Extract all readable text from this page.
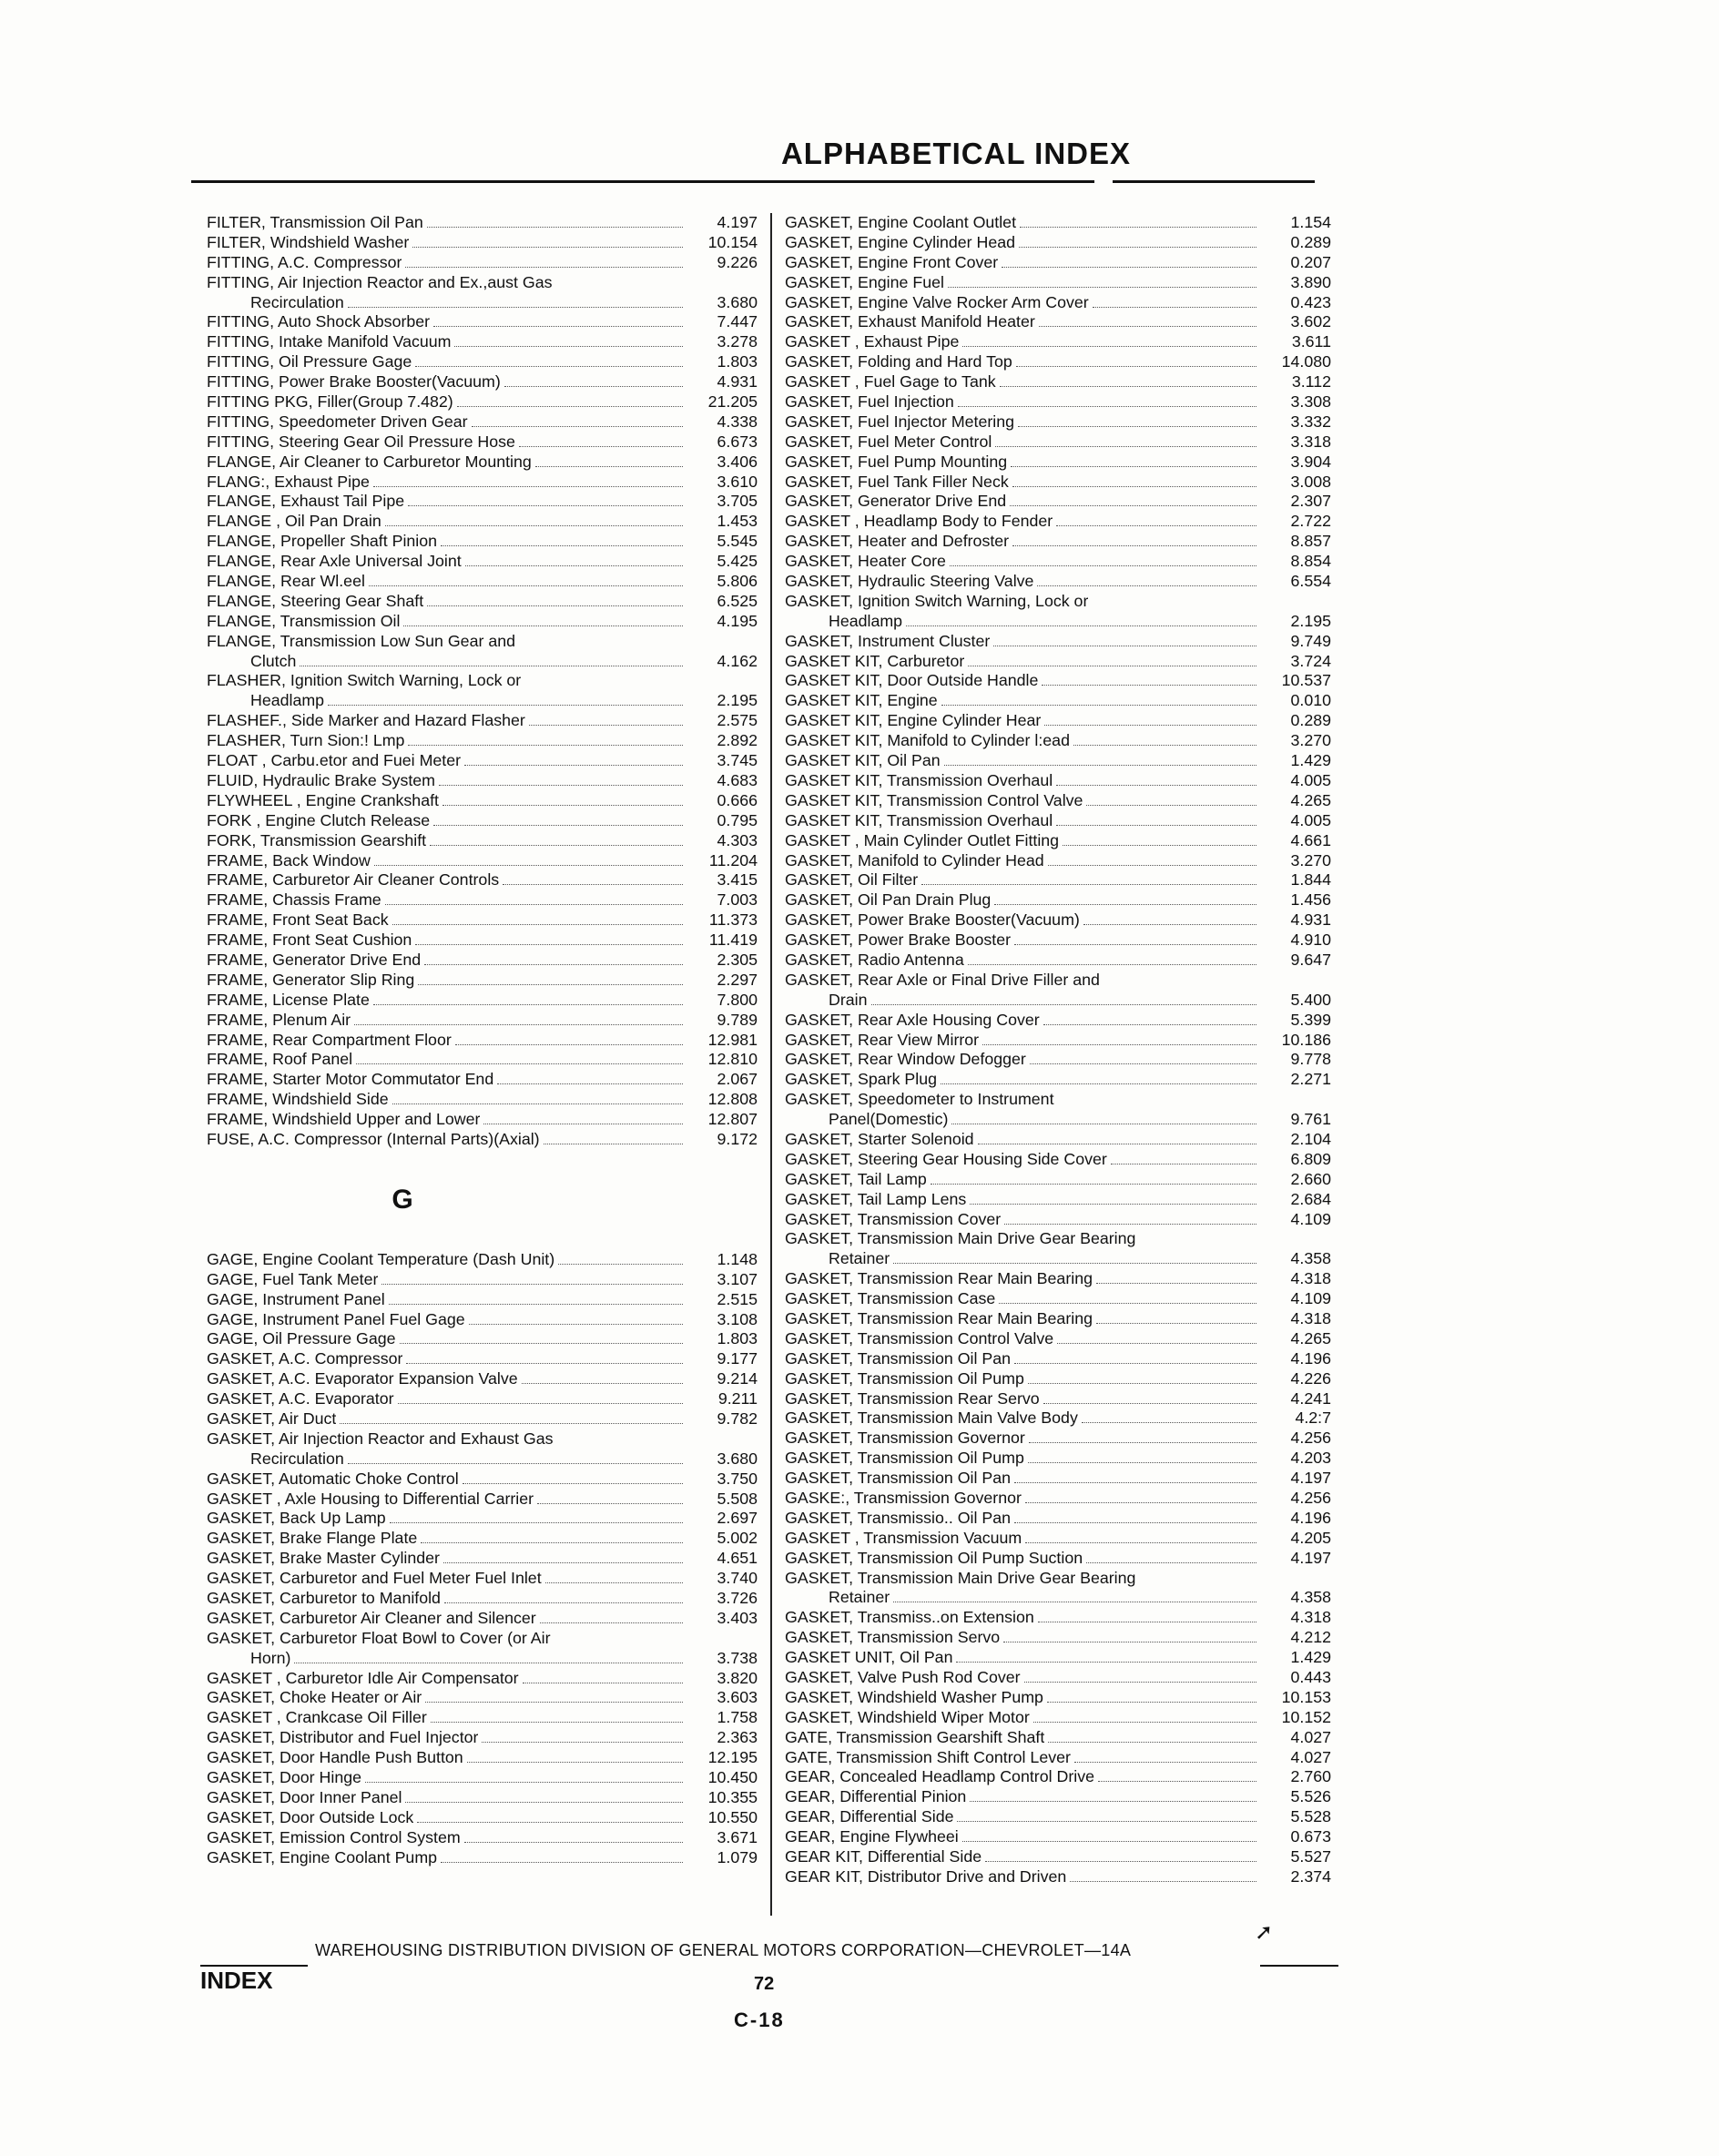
ALPHABETICAL INDEX
FILTER, Transmission Oil Pan	4.197
FILTER, Windshield Washer	10.154
FITTING, A.C. Compressor	9.226
FITTING, Air Injection Reactor and Ex.,aust Gas
Recirculation	3.680
FITTING, Auto Shock Absorber	7.447
FITTING, Intake Manifold Vacuum	3.278
FITTING, Oil Pressure Gage	1.803
FITTING, Power Brake Booster(Vacuum)	4.931
FITTING PKG, Filler(Group 7.482)	21.205
FITTING, Speedometer Driven Gear	4.338
FITTING, Steering Gear Oil Pressure Hose	6.673
FLANGE, Air Cleaner to Carburetor Mounting	3.406
FLANG:, Exhaust Pipe	3.610
FLANGE, Exhaust Tail Pipe	3.705
FLANGE , Oil Pan Drain	1.453
FLANGE, Propeller Shaft Pinion	5.545
FLANGE, Rear Axle Universal Joint	5.425
FLANGE, Rear Wl.eel	5.806
FLANGE, Steering Gear Shaft	6.525
FLANGE, Transmission Oil	4.195
FLANGE, Transmission Low Sun Gear and
Clutch	4.162
FLASHER, Ignition Switch Warning, Lock or
Headlamp	2.195
FLASHEF., Side Marker and Hazard Flasher	2.575
FLASHER, Turn Sion:! Lmp	2.892
FLOAT , Carbu.etor and Fuei Meter	3.745
FLUID, Hydraulic Brake System	4.683
FLYWHEEL , Engine Crankshaft	0.666
FORK , Engine Clutch Release	0.795
FORK, Transmission Gearshift	4.303
FRAME, Back Window	11.204
FRAME, Carburetor Air Cleaner Controls	3.415
FRAME, Chassis Frame	7.003
FRAME, Front Seat Back	11.373
FRAME, Front Seat Cushion	11.419
FRAME, Generator Drive End	2.305
FRAME, Generator Slip Ring	2.297
FRAME, License Plate	7.800
FRAME, Plenum Air	9.789
FRAME, Rear Compartment Floor	12.981
FRAME, Roof Panel	12.810
FRAME, Starter Motor Commutator End	2.067
FRAME, Windshield Side	12.808
FRAME, Windshield Upper and Lower	12.807
FUSE, A.C. Compressor (Internal Parts)(Axial)	9.172
G
GAGE, Engine Coolant Temperature (Dash Unit)	1.148
GAGE, Fuel Tank Meter	3.107
GAGE, Instrument Panel	2.515
GAGE, Instrument Panel Fuel Gage	3.108
GAGE, Oil Pressure Gage	1.803
GASKET, A.C. Compressor	9.177
GASKET, A.C. Evaporator Expansion Valve	9.214
GASKET, A.C. Evaporator	9.211
GASKET, Air Duct	9.782
GASKET, Air Injection Reactor and Exhaust Gas
Recirculation	3.680
GASKET, Automatic Choke Control	3.750
GASKET , Axle Housing to Differential Carrier	5.508
GASKET, Back Up Lamp	2.697
GASKET, Brake Flange Plate	5.002
GASKET, Brake Master Cylinder	4.651
GASKET, Carburetor and Fuel Meter Fuel Inlet	3.740
GASKET, Carburetor to Manifold	3.726
GASKET, Carburetor Air Cleaner and Silencer	3.403
GASKET, Carburetor Float Bowl to Cover (or Air
Horn)	3.738
GASKET , Carburetor Idle Air Compensator	3.820
GASKET, Choke Heater or Air	3.603
GASKET , Crankcase Oil Filler	1.758
GASKET, Distributor and Fuel Injector	2.363
GASKET, Door Handle Push Button	12.195
GASKET, Door Hinge	10.450
GASKET, Door Inner Panel	10.355
GASKET, Door Outside Lock	10.550
GASKET, Emission Control System	3.671
GASKET, Engine Coolant Pump	1.079
GASKET, Engine Coolant Outlet	1.154
GASKET, Engine Cylinder Head	0.289
GASKET, Engine Front Cover	0.207
GASKET, Engine Fuel	3.890
GASKET, Engine Valve Rocker Arm Cover	0.423
GASKET, Exhaust Manifold Heater	3.602
GASKET , Exhaust Pipe	3.611
GASKET, Folding and Hard Top	14.080
GASKET , Fuel Gage to Tank	3.112
GASKET, Fuel Injection	3.308
GASKET, Fuel Injector Metering	3.332
GASKET, Fuel Meter Control	3.318
GASKET, Fuel Pump Mounting	3.904
GASKET, Fuel Tank Filler Neck	3.008
GASKET, Generator Drive End	2.307
GASKET , Headlamp Body to Fender	2.722
GASKET, Heater and Defroster	8.857
GASKET, Heater Core	8.854
GASKET, Hydraulic Steering Valve	6.554
GASKET, Ignition Switch Warning, Lock or
Headlamp	2.195
GASKET, Instrument Cluster	9.749
GASKET KIT, Carburetor	3.724
GASKET KIT, Door Outside Handle	10.537
GASKET KIT, Engine	0.010
GASKET KIT, Engine Cylinder Hear	0.289
GASKET KIT, Manifold to Cylinder l:ead	3.270
GASKET KIT, Oil Pan	1.429
GASKET KIT, Transmission Overhaul	4.005
GASKET KIT, Transmission Control Valve	4.265
GASKET KIT, Transmission Overhaul	4.005
GASKET , Main Cylinder Outlet Fitting	4.661
GASKET, Manifold to Cylinder Head	3.270
GASKET, Oil Filter	1.844
GASKET, Oil Pan Drain Plug	1.456
GASKET, Power Brake Booster(Vacuum)	4.931
GASKET, Power Brake Booster	4.910
GASKET, Radio Antenna	9.647
GASKET, Rear Axle or Final Drive Filler and
Drain	5.400
GASKET, Rear Axle Housing Cover	5.399
GASKET, Rear View Mirror	10.186
GASKET, Rear Window Defogger	9.778
GASKET, Spark Plug	2.271
GASKET, Speedometer to Instrument
Panel(Domestic)	9.761
GASKET, Starter Solenoid	2.104
GASKET, Steering Gear Housing Side Cover	6.809
GASKET, Tail Lamp	2.660
GASKET, Tail Lamp Lens	2.684
GASKET, Transmission Cover	4.109
GASKET, Transmission Main Drive Gear Bearing
Retainer	4.358
GASKET, Transmission Rear Main Bearing	4.318
GASKET, Transmission Case	4.109
GASKET, Transmission Rear Main Bearing	4.318
GASKET, Transmission Control Valve	4.265
GASKET, Transmission Oil Pan	4.196
GASKET, Transmission Oil Pump	4.226
GASKET, Transmission Rear Servo	4.241
GASKET, Transmission Main Valve Body	4.2:7
GASKET, Transmission Governor	4.256
GASKET, Transmission Oil Pump	4.203
GASKET, Transmission Oil Pan	4.197
GASKE:, Transmission Governor	4.256
GASKET, Transmissio.. Oil Pan	4.196
GASKET , Transmission Vacuum	4.205
GASKET, Transmission Oil Pump Suction	4.197
GASKET, Transmission Main Drive Gear Bearing
Retainer	4.358
GASKET, Transmiss..on Extension	4.318
GASKET, Transmission Servo	4.212
GASKET UNIT, Oil Pan	1.429
GASKET, Valve Push Rod Cover	0.443
GASKET, Windshield Washer Pump	10.153
GASKET, Windshield Wiper Motor	10.152
GATE, Transmission Gearshift Shaft	4.027
GATE, Transmission Shift Control Lever	4.027
GEAR, Concealed Headlamp Control Drive	2.760
GEAR, Differential Pinion	5.526
GEAR, Differential Side	5.528
GEAR, Engine Flywheei	0.673
GEAR KIT, Differential Side	5.527
GEAR KIT, Distributor Drive and Driven	2.374
WAREHOUSING DISTRIBUTION DIVISION OF GENERAL MOTORS CORPORATION—CHEVROLET—14A
➚
INDEX	72
C-18
